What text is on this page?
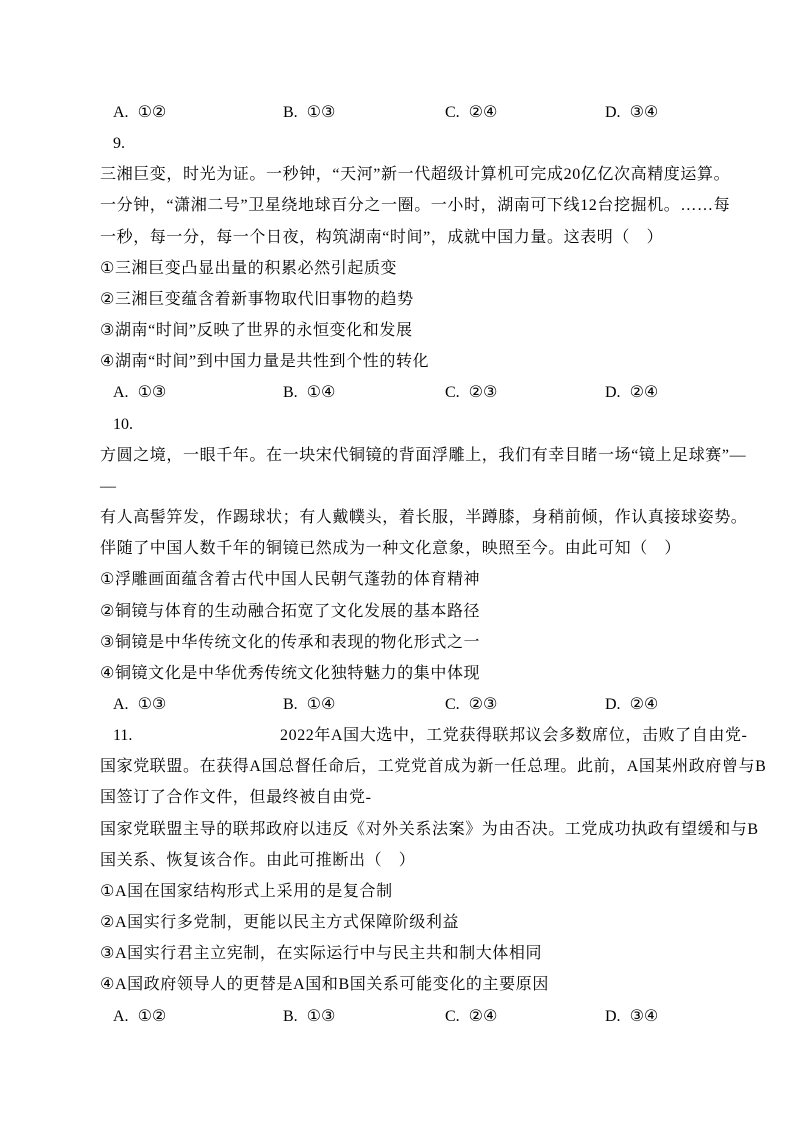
A. ①②	B. ①③	C. ②④	D. ③④
9.
三湘巨变，时光为证。一秒钟，“天河”新一代超级计算机可完成20亿亿次高精度运算。
一分钟，“潇湘二号”卫星绕地球百分之一圈。一小时，湖南可下线12台挖掘机。……每
一秒，每一分，每一个日夜，构筑湖南“时间”，成就中国力量。这表明（　）
①三湘巨变凸显出量的积累必然引起质变
②三湘巨变蕴含着新事物取代旧事物的趋势
③湖南“时间”反映了世界的永恒变化和发展
④湖南“时间”到中国力量是共性到个性的转化
A. ①③	B. ①④	C. ②③	D. ②④
10.
方圆之境，一眼千年。在一块宋代铜镜的背面浮雕上，我们有幸目睹一场“镜上足球赛”—
—
有人高髻笄发，作踢球状；有人戴幞头，着长服，半蹲膝，身稍前倾，作认真接球姿势。
伴随了中国人数千年的铜镜已然成为一种文化意象，映照至今。由此可知（　）
①浮雕画面蕴含着古代中国人民朝气蓬勃的体育精神
②铜镜与体育的生动融合拓宽了文化发展的基本路径
③铜镜是中华传统文化的传承和表现的物化形式之一
④铜镜文化是中华优秀传统文化独特魅力的集中体现
A. ①③	B. ①④	C. ②③	D. ②④
11.	2022年A国大选中，工党获得联邦议会多数席位，击败了自由党-
国家党联盟。在获得A国总督任命后，工党党首成为新一任总理。此前，A国某州政府曾与B
国签订了合作文件，但最终被自由党-
国家党联盟主导的联邦政府以违反《对外关系法案》为由否决。工党成功执政有望缓和与B
国关系、恢复该合作。由此可推断出（　）
①A国在国家结构形式上采用的是复合制
②A国实行多党制，更能以民主方式保障阶级利益
③A国实行君主立宪制，在实际运行中与民主共和制大体相同
④A国政府领导人的更替是A国和B国关系可能变化的主要原因
A. ①②	B. ①③	C. ②④	D. ③④
